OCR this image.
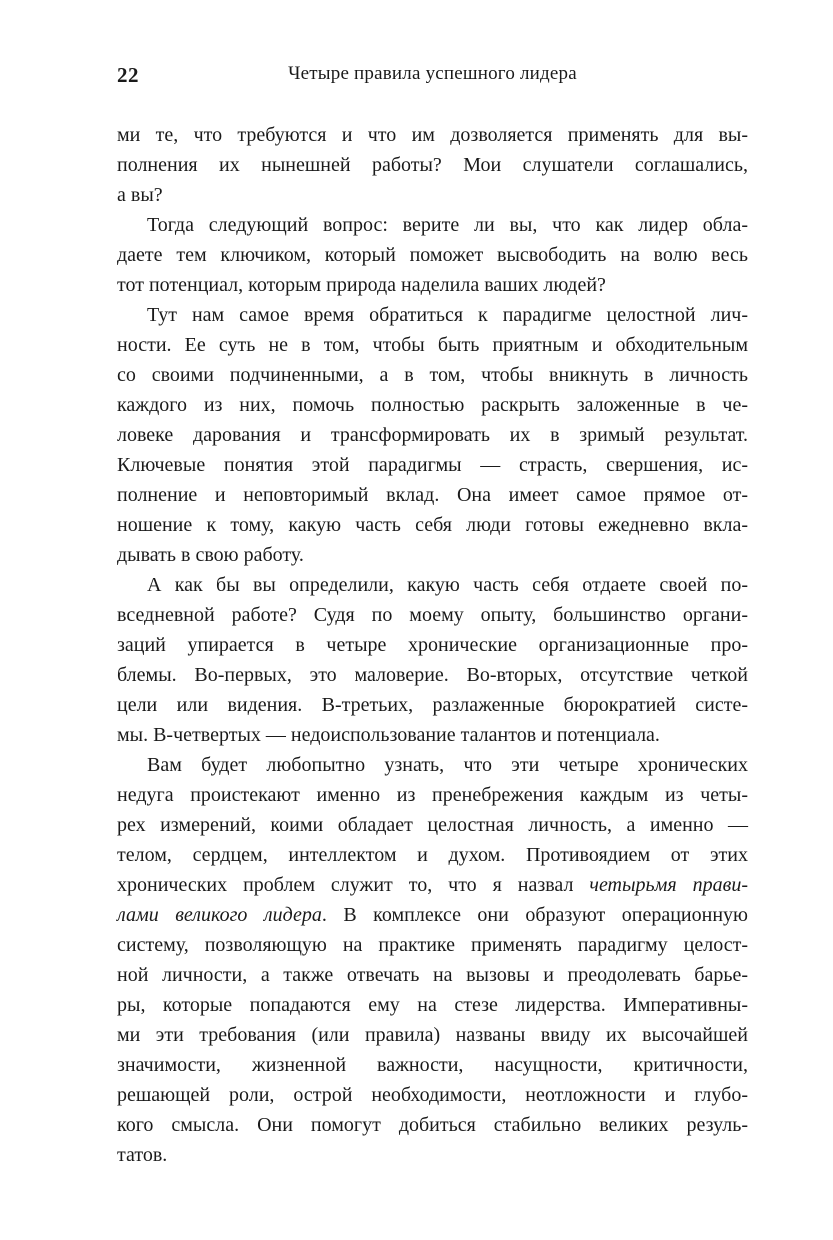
22	Четыре правила успешного лидера
ми те, что требуются и что им дозволяется применять для вы-
полнения их нынешней работы? Мои слушатели соглашались,
а вы?
Тогда следующий вопрос: верите ли вы, что как лидер обла-
даете тем ключиком, который поможет высвободить на волю весь
тот потенциал, которым природа наделила ваших людей?
Тут нам самое время обратиться к парадигме целостной лич-
ности. Ее суть не в том, чтобы быть приятным и обходительным
со своими подчиненными, а в том, чтобы вникнуть в личность
каждого из них, помочь полностью раскрыть заложенные в че-
ловеке дарования и трансформировать их в зримый результат.
Ключевые понятия этой парадигмы — страсть, свершения, ис-
полнение и неповторимый вклад. Она имеет самое прямое от-
ношение к тому, какую часть себя люди готовы ежедневно вкла-
дывать в свою работу.
А как бы вы определили, какую часть себя отдаете своей по-
вседневной работе? Судя по моему опыту, большинство органи-
заций упирается в четыре хронические организационные про-
блемы. Во-первых, это маловерие. Во-вторых, отсутствие четкой
цели или видения. В-третьих, разлаженные бюрократией систе-
мы. В-четвертых — недоиспользование талантов и потенциала.
Вам будет любопытно узнать, что эти четыре хронических
недуга проистекают именно из пренебрежения каждым из четы-
рех измерений, коими обладает целостная личность, а именно —
телом, сердцем, интеллектом и духом. Противоядием от этих
хронических проблем служит то, что я назвал четырьмя прави-
лами великого лидера. В комплексе они образуют операционную
систему, позволяющую на практике применять парадигму целост-
ной личности, а также отвечать на вызовы и преодолевать барье-
ры, которые попадаются ему на стезе лидерства. Императивны-
ми эти требования (или правила) названы ввиду их высочайшей
значимости, жизненной важности, насущности, критичности,
решающей роли, острой необходимости, неотложности и глубо-
кого смысла. Они помогут добиться стабильно великих резуль-
татов.
